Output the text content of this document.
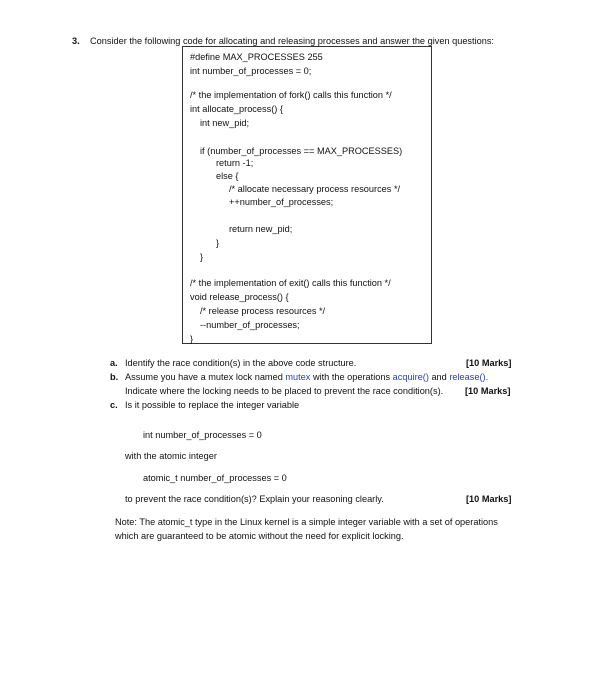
3. Consider the following code for allocating and releasing processes and answer the given questions:
#define MAX_PROCESSES 255
int number_of_processes = 0;
/* the implementation of fork() calls this function */
int allocate_process() {
int new_pid;
if (number_of_processes == MAX_PROCESSES)
return -1;
else {
/* allocate necessary process resources */
++number_of_processes;
return new_pid;
}
}
/* the implementation of exit() calls this function */
void release_process() {
/* release process resources */
--number_of_processes;
}
a. Identify the race condition(s) in the above code structure.	[10 Marks]
b. Assume you have a mutex lock named mutex with the operations acquire() and release().
Indicate where the locking needs to be placed to prevent the race condition(s). [10 Marks]
c. Is it possible to replace the integer variable
int number_of_processes = 0
with the atomic integer
atomic_t number_of_processes = 0
to prevent the race condition(s)? Explain your reasoning clearly.	[10 Marks]
Note: The atomic_t type in the Linux kernel is a simple integer variable with a set of operations
which are guaranteed to be atomic without the need for explicit locking.
